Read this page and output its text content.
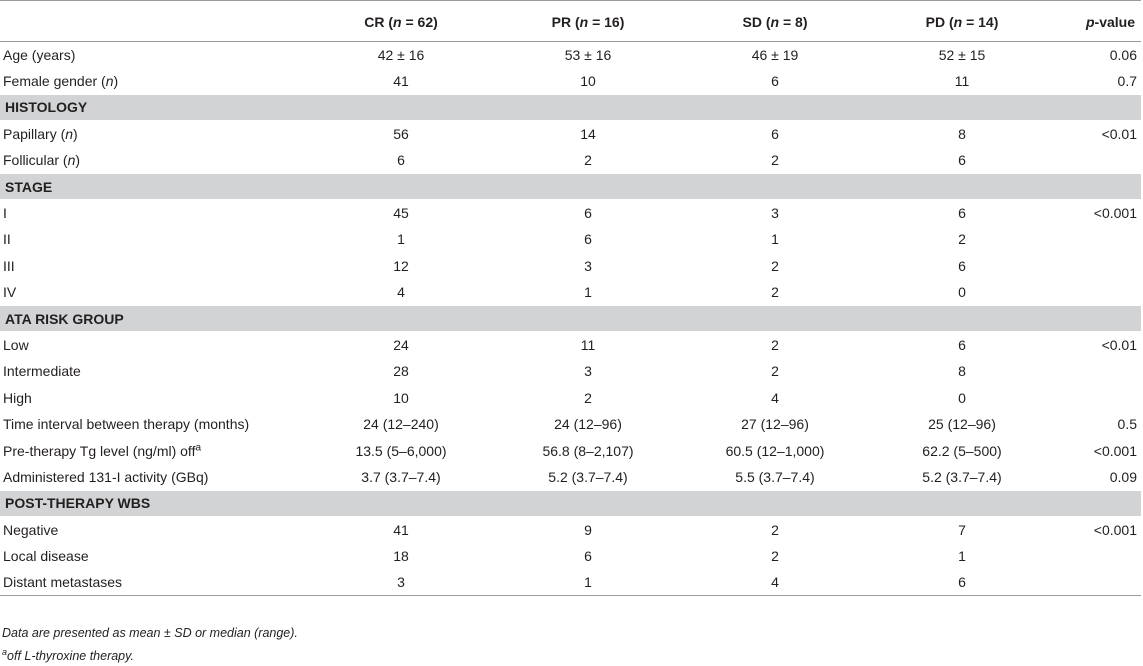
	CR (n = 62)	PR (n = 16)	SD (n = 8)	PD (n = 14)	p-value
Age (years)	42 ± 16	53 ± 16	46 ± 19	52 ± 15	0.06
Female gender (n)	41	10	6	11	0.7
HISTOLOGY					
Papillary (n)	56	14	6	8	<0.01
Follicular (n)	6	2	2	6	
STAGE					
I	45	6	3	6	<0.001
II	1	6	1	2	
III	12	3	2	6	
IV	4	1	2	0	
ATA RISK GROUP					
Low	24	11	2	6	<0.01
Intermediate	28	3	2	8	
High	10	2	4	0	
Time interval between therapy (months)	24 (12–240)	24 (12–96)	27 (12–96)	25 (12–96)	0.5
Pre-therapy Tg level (ng/ml) off$^a$	13.5 (5–6,000)	56.8 (8–2,107)	60.5 (12–1,000)	62.2 (5–500)	<0.001
Administered 131-I activity (GBq)	3.7 (3.7–7.4)	5.2 (3.7–7.4)	5.5 (3.7–7.4)	5.2 (3.7–7.4)	0.09
POST-THERAPY WBS					
Negative	41	9	2	7	<0.001
Local disease	18	6	2	1	
Distant metastases	3	1	4	6	
Data are presented as mean ± SD or median (range).
$^a$off L-thyroxine therapy.
